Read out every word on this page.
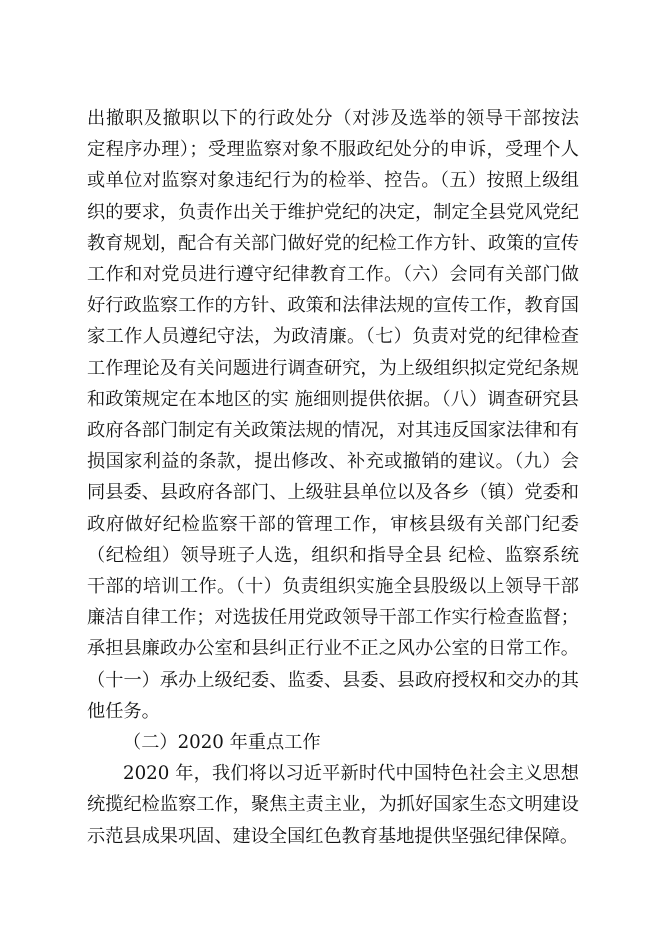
出撤职及撤职以下的行政处分（对涉及选举的领导干部按法 定程序办理）；受理监察对象不服政纪处分的申诉，受理个人或单位对监察对象违纪行为的检举、控告。（五）按照上级组织的要求，负责作出关于维护党纪的决定，制定全县党风党纪教育规划，配合有关部门做好党的纪检工作方针、政策的宣传工作和对党员进行遵守纪律教育工作。（六）会同有关部门做好行政监察工作的方针、政策和法律法规的宣传工作，教育国家工作人员遵纪守法，为政清廉。（七）负责对党的纪律检查工作理论及有关问题进行调查研究，为上级组织拟定党纪条规和政策规定在本地区的实 施细则提供依据。（八）调查研究县政府各部门制定有关政策法规的情况，对其违反国家法律和有损国家利益的条款，提出修改、补充或撤销的建议。（九）会同县委、县政府各部门、上级驻县单位以及各乡（镇）党委和政府做好纪检监察干部的管理工作，审核县级有关部门纪委（纪检组）领导班子人选，组织和指导全县 纪检、监察系统干部的培训工作。（十）负责组织实施全县股级以上领导干部廉洁自律工作；对选拔任用党政领导干部工作实行检查监督；承担县廉政办公室和县纠正行业不正之风办公室的日常工作。（十一）承办上级纪委、监委、县委、县政府授权和交办的其他任务。

（二）2020 年重点工作

2020 年，我们将以习近平新时代中国特色社会主义思想统揽纪检监察工作，聚焦主责主业，为抓好国家生态文明建设示范县成果巩固、建设全国红色教育基地提供坚强纪律保障。
